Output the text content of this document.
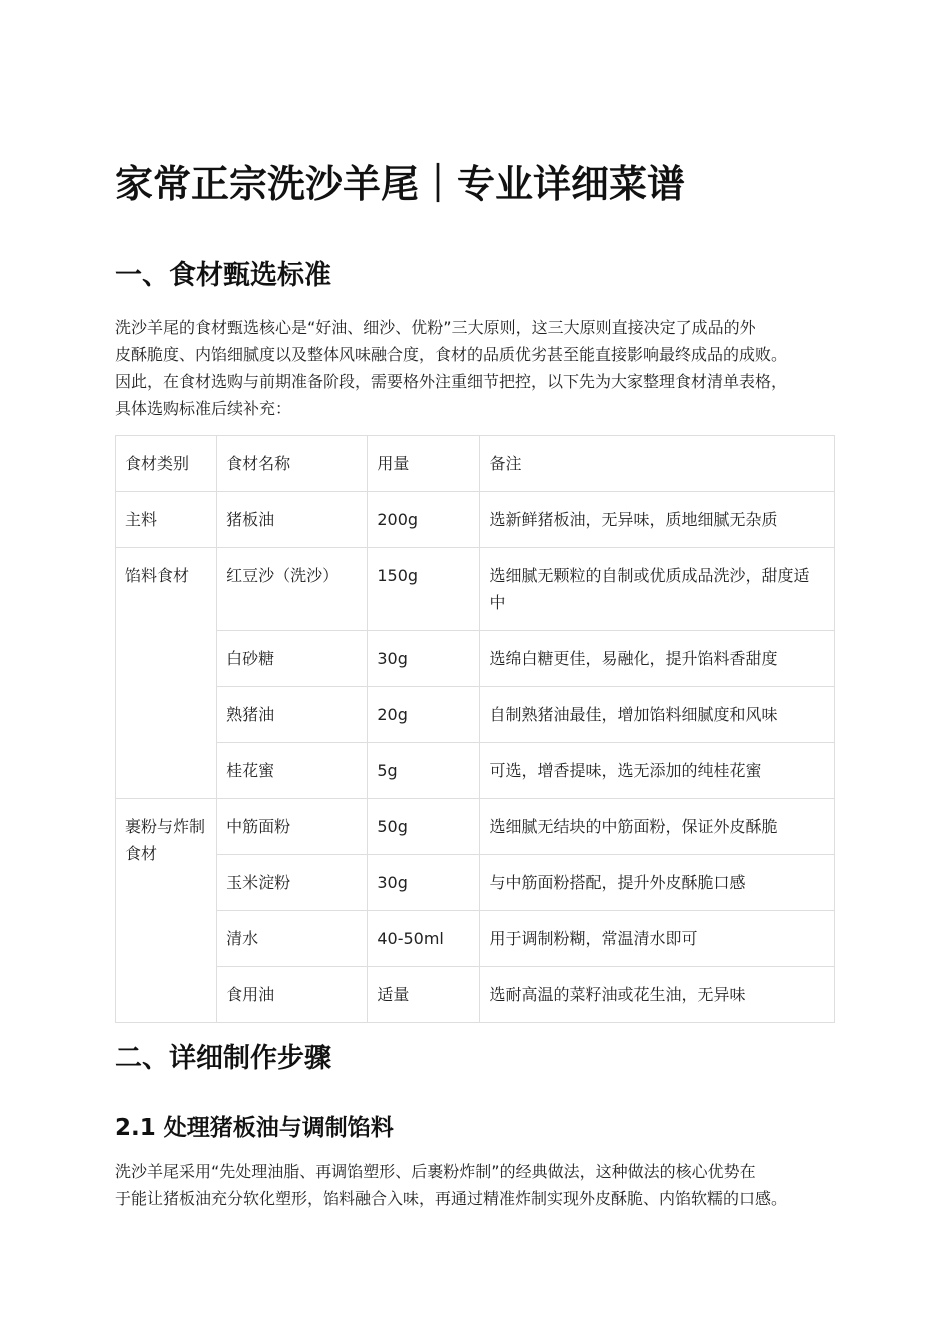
家常正宗洗沙羊尾｜专业详细菜谱
一、食材甄选标准

洗沙羊尾的食材甄选核心是“好油、细沙、优粉”三大原则，这三大原则直接决定了成品的外
皮酥脆度、内馅细腻度以及整体风味融合度，食材的品质优劣甚至能直接影响最终成品的成败。
因此，在食材选购与前期准备阶段，需要格外注重细节把控，以下先为大家整理食材清单表格，
具体选购标准后续补充：

食材类别	食材名称	用量	备注
主料	猪板油	200g	选新鲜猪板油，无异味，质地细腻无杂质
馅料食材	红豆沙（洗沙）	150g	选细腻无颗粒的自制或优质成品洗沙，甜度适中
	白砂糖	30g	选绵白糖更佳，易融化，提升馅料香甜度
	熟猪油	20g	自制熟猪油最佳，增加馅料细腻度和风味
	桂花蜜	5g	可选，增香提味，选无添加的纯桂花蜜
裹粉与炸制食材	中筋面粉	50g	选细腻无结块的中筋面粉，保证外皮酥脆
	玉米淀粉	30g	与中筋面粉搭配，提升外皮酥脆口感
	清水	40-50ml	用于调制粉糊，常温清水即可
	食用油	适量	选耐高温的菜籽油或花生油，无异味
二、详细制作步骤
2.1 处理猪板油与调制馅料

洗沙羊尾采用“先处理油脂、再调馅塑形、后裹粉炸制”的经典做法，这种做法的核心优势在
于能让猪板油充分软化塑形，馅料融合入味，再通过精准炸制实现外皮酥脆、内馅软糯的口感。
